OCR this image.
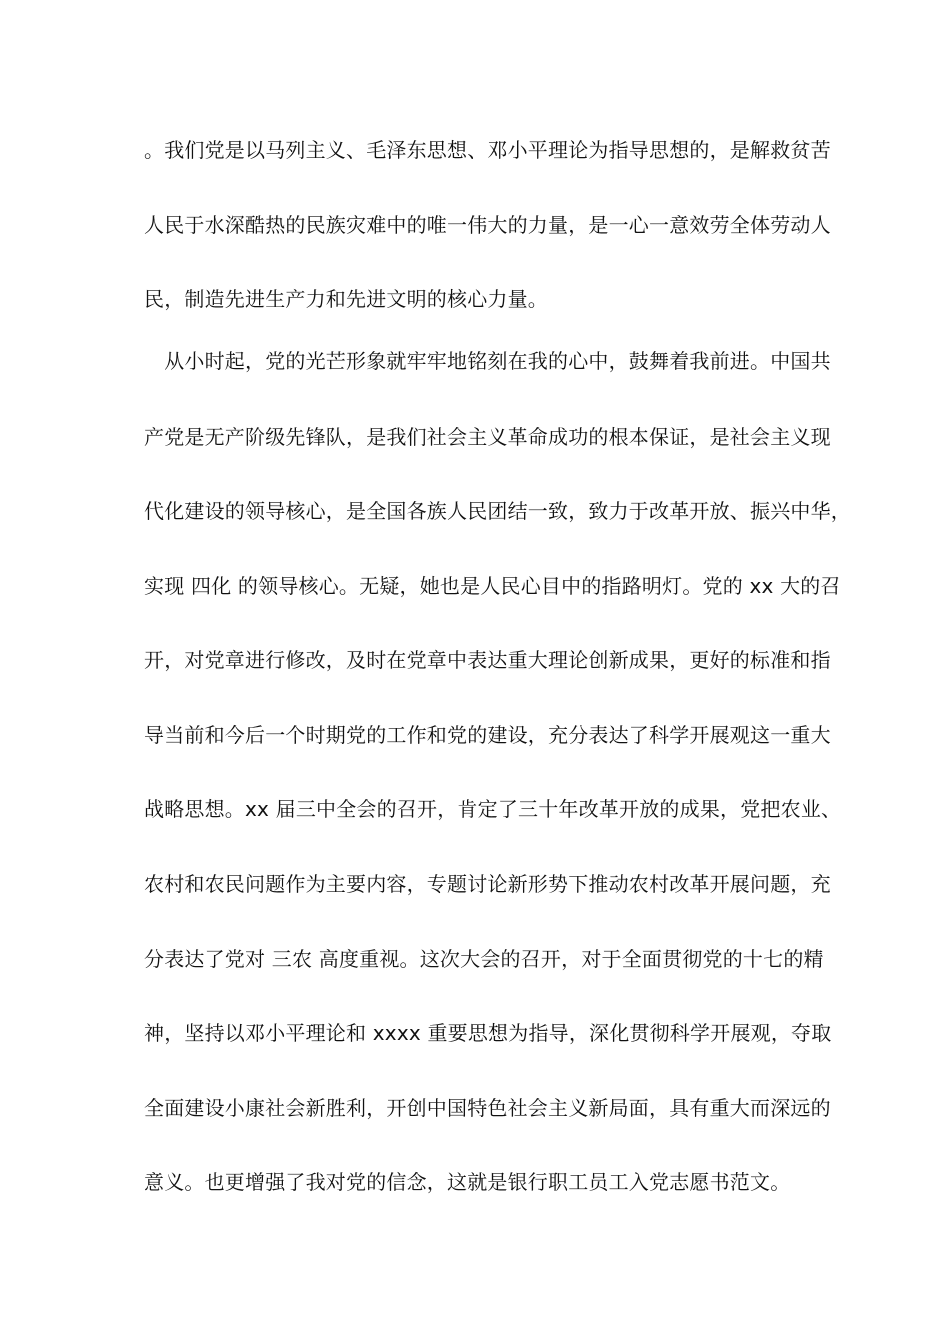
。我们党是以马列主义、毛泽东思想、邓小平理论为指导思想的，是解救贫苦
人民于水深酷热的民族灾难中的唯一伟大的力量，是一心一意效劳全体劳动人
民，制造先进生产力和先进文明的核心力量。
　从小时起，党的光芒形象就牢牢地铭刻在我的心中，鼓舞着我前进。中国共
产党是无产阶级先锋队，是我们社会主义革命成功的根本保证，是社会主义现
代化建设的领导核心，是全国各族人民团结一致，致力于改革开放、振兴中华，
实现 四化 的领导核心。无疑，她也是人民心目中的指路明灯。党的 xx 大的召
开，对党章进行修改，及时在党章中表达重大理论创新成果，更好的标准和指
导当前和今后一个时期党的工作和党的建设，充分表达了科学开展观这一重大
战略思想。xx 届三中全会的召开，肯定了三十年改革开放的成果，党把农业、
农村和农民问题作为主要内容，专题讨论新形势下推动农村改革开展问题，充
分表达了党对 三农 高度重视。这次大会的召开，对于全面贯彻党的十七的精
神，坚持以邓小平理论和 xxxx 重要思想为指导，深化贯彻科学开展观，夺取
全面建设小康社会新胜利，开创中国特色社会主义新局面，具有重大而深远的
意义。也更增强了我对党的信念，这就是银行职工员工入党志愿书范文。
